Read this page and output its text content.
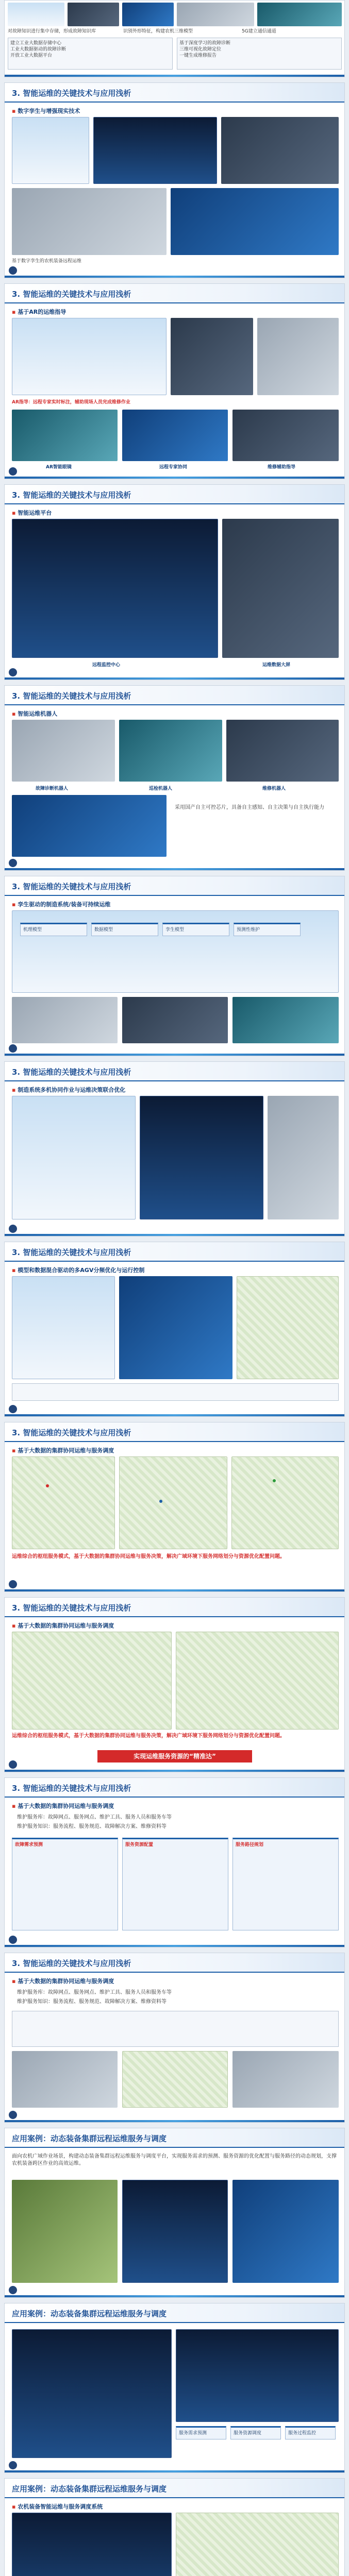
对故障知识进行集中存储，形成故障知识库	识别外形特征，构建农机三维模型	5G建立通信通道
建立工业大数据存储中心
工业大数据驱动的故障诊断
开放工业大数据平台
基于深度学习的故障诊断
三维可视化故障定位
一键生成维修报告
3. 智能运维的关键技术与应用浅析
▪ 数字孪生与增强现实技术
基于数字孪生的农机装备远程运维
3. 智能运维的关键技术与应用浅析
▪ 基于AR的运维指导
AR指导：远程专家实时标注，辅助现场人员完成维修作业
AR智能眼镜	远程专家协同	维修辅助指导
3. 智能运维的关键技术与应用浅析
▪ 智能运维平台
远程监控中心	运维数据大屏
3. 智能运维的关键技术与应用浅析
▪ 智能运维机器人
故障诊断机器人	巡检机器人	维修机器人
采用国产自主可控芯片，具备自主感知、自主决策与自主执行能力
3. 智能运维的关键技术与应用浅析
▪ 孪生驱动的制造系统/装备可持续运维
机理模型	数据模型	孪生模型	预测性维护
3. 智能运维的关键技术与应用浅析
▪ 制造系统多机协同作业与运维决策联合优化
3. 智能运维的关键技术与应用浅析
▪ 模型和数据混合驱动的多AGV分频优化与运行控制
3. 智能运维的关键技术与应用浅析
▪ 基于大数据的集群协同运维与服务调度
运维综合的枢纽服务模式，基于大数据的集群协同运维与服务决策，解决广域环境下服务网络划分与资源优化配置问题。
3. 智能运维的关键技术与应用浅析
▪ 基于大数据的集群协同运维与服务调度
运维综合的枢纽服务模式，基于大数据的集群协同运维与服务决策，解决广域环境下服务网络划分与资源优化配置问题。
实现运维服务资源的“精准达”
3. 智能运维的关键技术与应用浅析
▪ 基于大数据的集群协同运维与服务调度
维护服务库：故障网点、服务网点、维护工具、服务人员和服务车等
维护服务知识：服务流程、服务规范、故障解决方案、维修资料等
故障需求预测	服务资源配置	服务路径规划
3. 智能运维的关键技术与应用浅析
▪ 基于大数据的集群协同运维与服务调度
维护服务库：故障网点、服务网点、维护工具、服务人员和服务车等
维护服务知识：服务流程、服务规范、故障解决方案、维修资料等
应用案例：动态装备集群远程运维服务与调度
面向农机广域作业场景，构建动态装备集群远程运维服务与调度平台，实现服务需求的预测、服务资源的优化配置与服务路径的动态规划，支撑农机装备跨区作业的高效运维。
应用案例：动态装备集群远程运维服务与调度
服务需求预测	服务资源调度	服务过程监控
应用案例：动态装备集群远程运维服务与调度
▪ 农机装备智能运维与服务调度系统
